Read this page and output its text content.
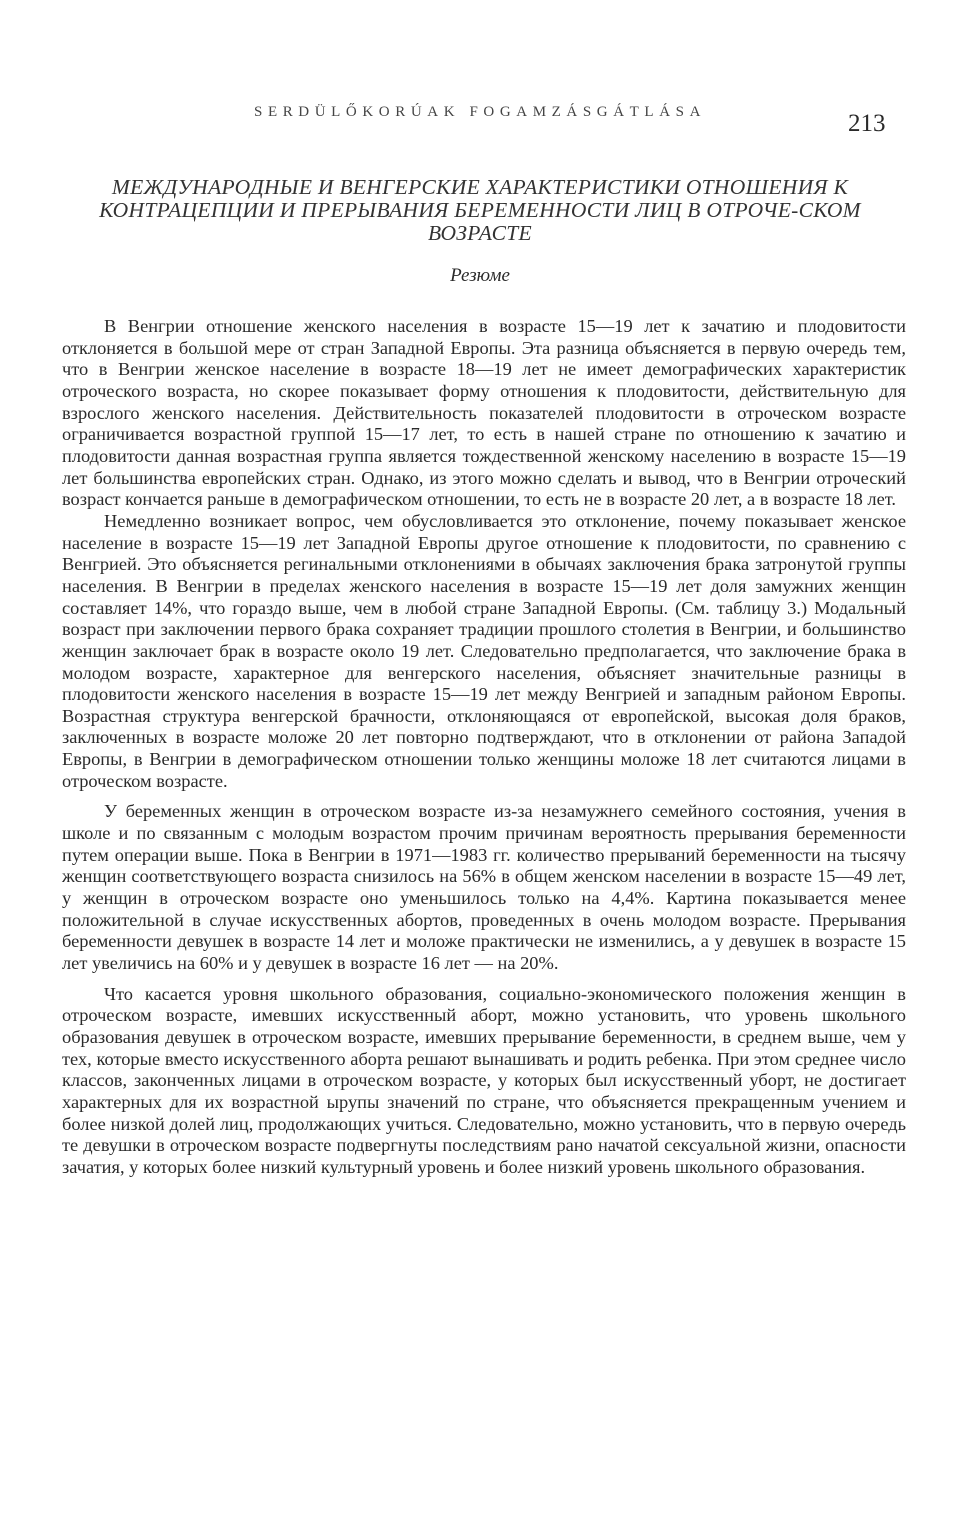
SERDÜLŐKORÚAK FOGAMZÁSGÁTLÁSA	213
МЕЖДУНАРОДНЫЕ И ВЕНГЕРСКИЕ ХАРАКТЕРИСТИКИ ОТНОШЕНИЯ К КОНТРАЦЕПЦИИ И ПРЕРЫВАНИЯ БЕРЕМЕННОСТИ ЛИЦ В ОТРОЧЕ-СКОМ ВОЗРАСТЕ
Резюме

В Венгрии отношение женского населения в возрасте 15—19 лет к зачатию и плодовитости отклоняется в большой мере от стран Западной Европы. Эта разница объясняется в первую очередь тем, что в Венгрии женское население в возрасте 18—19 лет не имеет демографических характеристик отроческого возраста, но скорее показывает форму отношения к плодовитости, действительную для взрослого женского населения. Действительность показателей плодовитости в отроческом возрасте ограничивается возрастной группой 15—17 лет, то есть в нашей стране по отношению к зачатию и плодовитости данная возрастная группа является тождественной женскому населению в возрасте 15—19 лет большинства европейских стран. Однако, из этого можно сделать и вывод, что в Венгрии отроческий возраст кончается раньше в демографическом отношении, то есть не в возрасте 20 лет, а в возрасте 18 лет.

Немедленно возникает вопрос, чем обусловливается это отклонение, почему показывает женское население в возрасте 15—19 лет Западной Европы другое отношение к плодовитости, по сравнению с Венгрией. Это объясняется регинальными отклонениями в обычаях заключения брака затронутой группы населения. В Венгрии в пределах женского населения в возрасте 15—19 лет доля замужних женщин составляет 14%, что гораздо выше, чем в любой стране Западной Европы. (См. таблицу 3.) Модальный возраст при заключении первого брака сохраняет традиции прошлого столетия в Венгрии, и большинство женщин заключает брак в возрасте около 19 лет. Следовательно предполагается, что заключение брака в молодом возрасте, характерное для венгерского населения, объясняет значительные разницы в плодовитости женского населения в возрасте 15—19 лет между Венгрией и западным районом Европы. Возрастная структура венгерской брачности, отклоняющаяся от европейской, высокая доля браков, заключенных в возрасте моложе 20 лет повторно подтверждают, что в отклонении от района Западой Европы, в Венгрии в демографическом отношении только женщины моложе 18 лет считаются лицами в отроческом возрасте.

У беременных женщин в отроческом возрасте из-за незамужнего семейного состояния, учения в школе и по связанным с молодым возрастом прочим причинам вероятность прерывания беременности путем операции выше. Пока в Венгрии в 1971—1983 гг. количество прерываний беременности на тысячу женщин соответствующего возраста снизилось на 56% в общем женском населении в возрасте 15—49 лет, у женщин в отроческом возрасте оно уменьшилось только на 4,4%. Картина показывается менее положительной в случае искусственных абортов, проведенных в очень молодом возрасте. Прерывания беременности девушек в возрасте 14 лет и моложе практически не изменились, а у девушек в возрасте 15 лет увеличись на 60% и у девушек в возрасте 16 лет — на 20%.

Что касается уровня школьного образования, социально-экономического положения женщин в отроческом возрасте, имевших искусственный аборт, можно установить, что уровень школьного образования девушек в отроческом возрасте, имевших прерывание беременности, в среднем выше, чем у тех, которые вместо искусственного аборта решают вынашивать и родить ребенка. При этом среднее число классов, законченных лицами в отроческом возрасте, у которых был искусственный уборт, не достигает характерных для их возрастной ырупы значений по стране, что объясняется прекращенным учением и более низкой долей лиц, продолжающих учиться. Следовательно, можно установить, что в первую очередь те девушки в отроческом возрасте подвергнуты последствиям рано начатой сексуальной жизни, опасности зачатия, у которых более низкий культурный уровень и более низкий уровень школьного образования.
